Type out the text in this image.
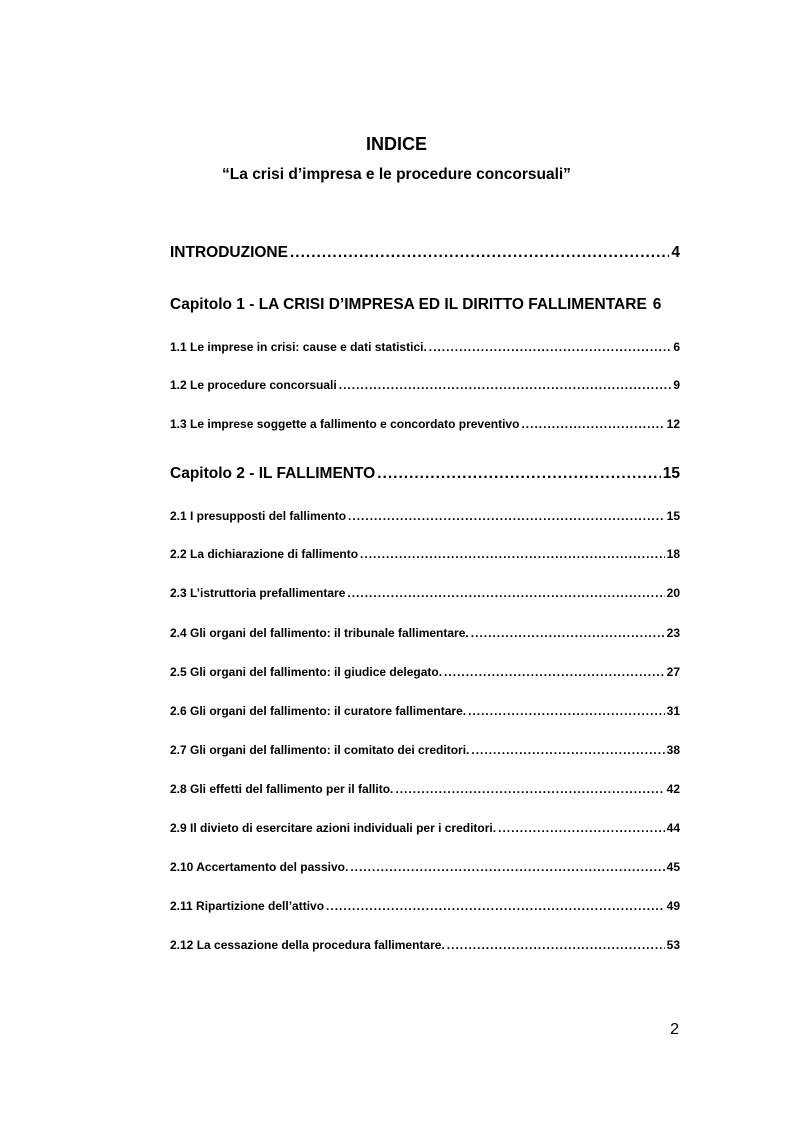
INDICE
“La crisi d’impresa e le procedure concorsuali”
INTRODUZIONE .....	4
Capitolo 1 - LA CRISI D’IMPRESA ED IL DIRITTO FALLIMENTARE 6
1.1 Le imprese in crisi: cause e dati statistici. .....	6
1.2 Le procedure concorsuali .....	9
1.3 Le imprese soggette a fallimento e concordato preventivo .....	12
Capitolo 2 - IL FALLIMENTO .....	15
2.1 I presupposti del fallimento .....	15
2.2 La dichiarazione di fallimento .....	18
2.3 L’istruttoria prefallimentare .....	20
2.4 Gli organi del fallimento: il tribunale fallimentare. .....	23
2.5 Gli organi del fallimento: il giudice delegato. .....	27
2.6 Gli organi del fallimento: il curatore fallimentare. .....	31
2.7 Gli organi del fallimento: il comitato dei creditori. .....	38
2.8 Gli effetti del fallimento per il fallito. .....	42
2.9 Il divieto di esercitare azioni individuali per i creditori. .....	44
2.10 Accertamento del passivo. .....	45
2.11 Ripartizione dell’attivo .....	49
2.12 La cessazione della procedura fallimentare. .....	53
2
